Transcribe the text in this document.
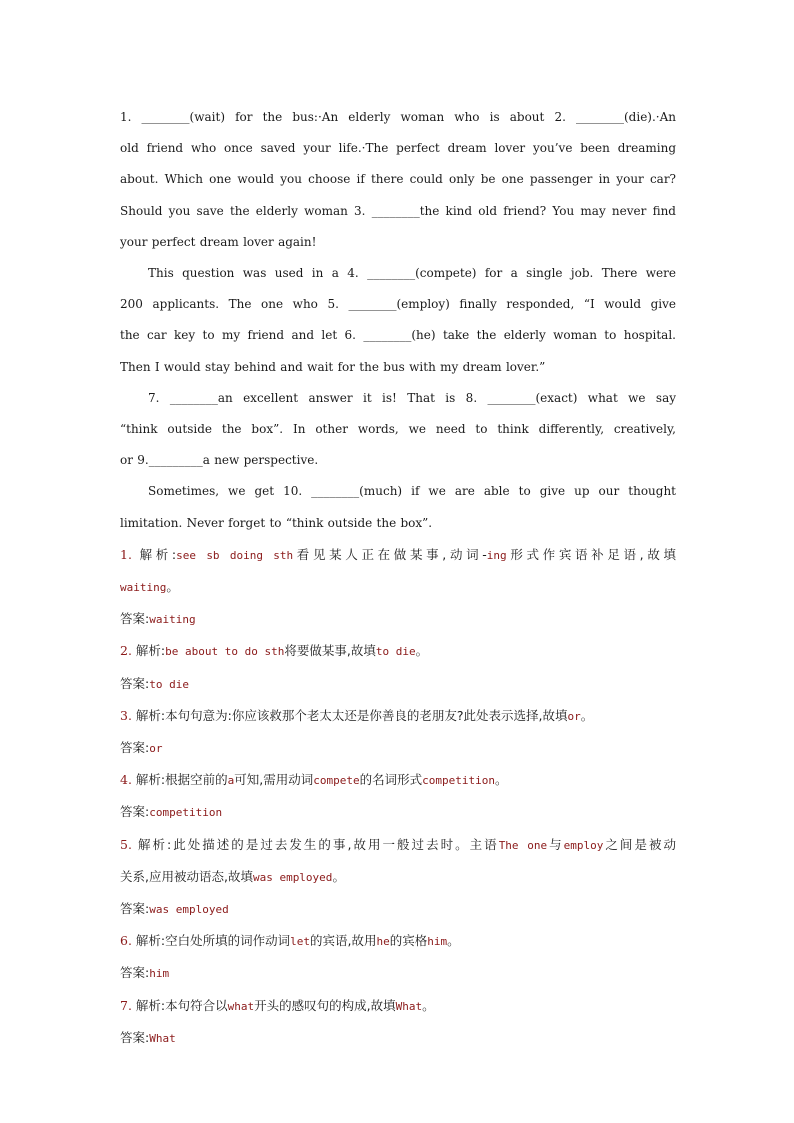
1. ________(wait) for the bus:·An elderly woman who is about 2. ________(die).·An

old friend who once saved your life.·The perfect dream lover you’ve been dreaming

about. Which one would you choose if there could only be one passenger in your car?

Should you save the elderly woman 3. ________the kind old friend? You may never find

your perfect dream lover again!

This question was used in a 4. ________(compete) for a single job. There were

200 applicants. The one who 5. ________(employ) finally responded, “I would give

the car key to my friend and let 6. ________(he) take the elderly woman to hospital.

Then I would stay behind and wait for the bus with my dream lover.”

7. ________an excellent answer it is! That is 8. ________(exact) what we say

“think outside the box”. In other words, we need to think differently, creatively,

or 9._________a new perspective.

Sometimes, we get 10. ________(much) if we are able to give up our thought

limitation. Never forget to “think outside the box”.

1. 解析:see sb doing sth看见某人正在做某事,动词-ing形式作宾语补足语,故填
waiting。
答案:waiting
2. 解析:be about to do sth将要做某事,故填to die。
答案:to die
3. 解析:本句句意为:你应该救那个老太太还是你善良的老朋友?此处表示选择,故填or。
答案:or
4. 解析:根据空前的a可知,需用动词compete的名词形式competition。
答案:competition
5. 解析:此处描述的是过去发生的事,故用一般过去时。主语The one与employ之间是被动
关系,应用被动语态,故填was employed。
答案:was employed
6. 解析:空白处所填的词作动词let的宾语,故用he的宾格him。
答案:him
7. 解析:本句符合以what开头的感叹句的构成,故填What。
答案:What
